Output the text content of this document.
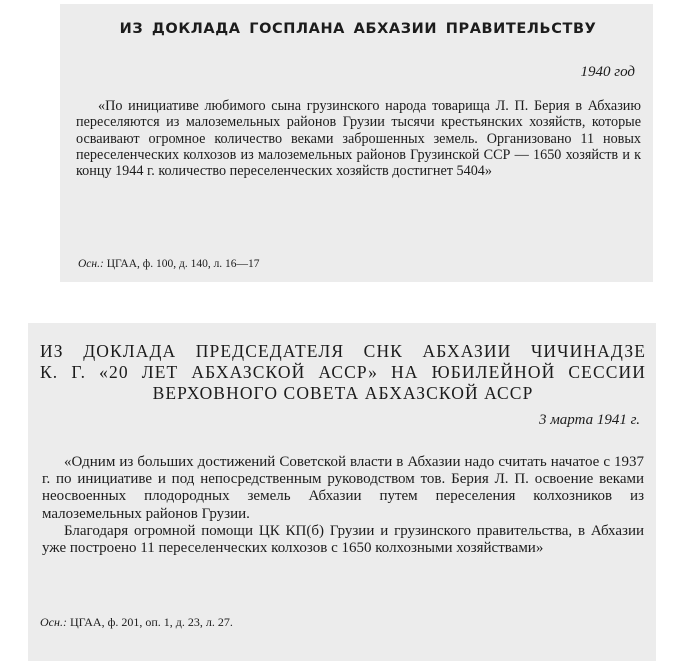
ИЗ ДОКЛАДА ГОСПЛАНА АБХАЗИИ ПРАВИТЕЛЬСТВУ
1940 год
«По инициативе любимого сына грузинского народа товарища Л. П. Берия в Абхазию переселяются из малоземельных районов Грузии тысячи крестьянских хозяйств, которые осваивают огромное количество веками заброшенных земель. Организовано 11 новых переселенческих колхозов из малоземельных районов Грузинской ССР — 1650 хозяйств и к концу 1944 г. количество переселенческих хозяйств достигнет 5404»
Осн.: ЦГАА, ф. 100, д. 140, л. 16—17
ИЗ ДОКЛАДА ПРЕДСЕДАТЕЛЯ СНК АБХАЗИИ ЧИЧИНАДЗЕ
К. Г. «20 ЛЕТ АБХАЗСКОЙ АССР» НА ЮБИЛЕЙНОЙ СЕССИИ
ВЕРХОВНОГО СОВЕТА АБХАЗСКОЙ АССР
3 марта 1941 г.
«Одним из больших достижений Советской власти в Абхазии надо считать начатое с 1937 г. по инициативе и под непосредственным руководством тов. Берия Л. П. освоение веками неосвоенных плодородных земель Абхазии путем переселения колхозников из малоземельных районов Грузии.
Благодаря огромной помощи ЦК КП(б) Грузии и грузинского правительства, в Абхазии уже построено 11 переселенческих колхозов с 1650 колхозными хозяйствами»
Осн.: ЦГАА, ф. 201, оп. 1, д. 23, л. 27.
